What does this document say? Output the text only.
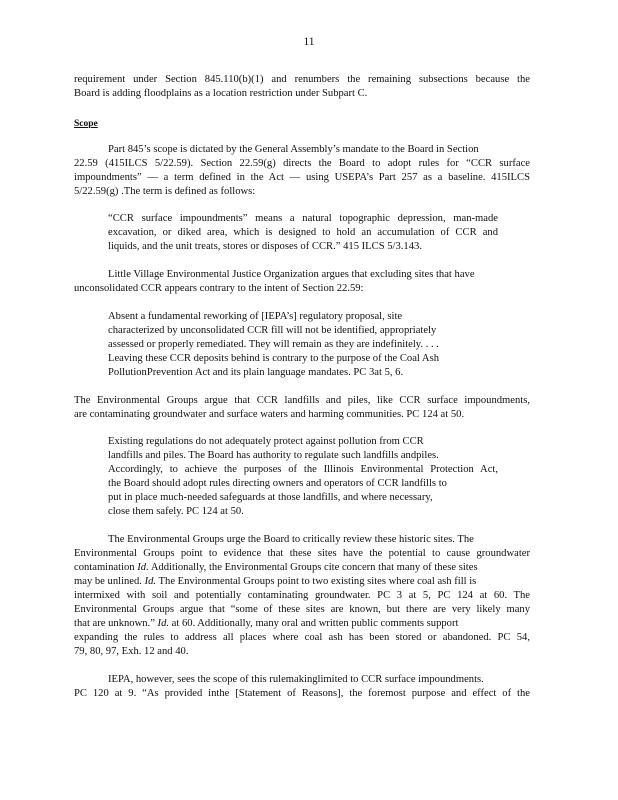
11
requirement under Section 845.110(b)(1) and renumbers the remaining subsections because the
Board is adding floodplains as a location restriction under Subpart C.
Scope
Part 845’s scope is dictated by the General Assembly’s mandate to the Board in Section
22.59 (415ILCS 5/22.59). Section 22.59(g) directs the Board to adopt rules for “CCR surface
impoundments” — a term defined in the Act — using USEPA’s Part 257 as a baseline. 415ILCS
5/22.59(g) .The term is defined as follows:
“CCR surface impoundments” means a natural topographic depression, man-made
excavation, or diked area, which is designed to hold an accumulation of CCR and
liquids, and the unit treats, stores or disposes of CCR.” 415 ILCS 5/3.143.
Little Village Environmental Justice Organization argues that excluding sites that have
unconsolidated CCR appears contrary to the intent of Section 22.59:
Absent a fundamental reworking of [IEPA’s] regulatory proposal, site
characterized by unconsolidated CCR fill will not be identified, appropriately
assessed or properly remediated. They will remain as they are indefinitely. . . .
Leaving these CCR deposits behind is contrary to the purpose of the Coal Ash
PollutionPrevention Act and its plain language mandates. PC 3at 5, 6.
The Environmental Groups argue that CCR landfills and piles, like CCR surface impoundments,
are contaminating groundwater and surface waters and harming communities. PC 124 at 50.
Existing regulations do not adequately protect against pollution from CCR
landfills and piles. The Board has authority to regulate such landfills andpiles.
Accordingly, to achieve the purposes of the Illinois Environmental Protection Act,
the Board should adopt rules directing owners and operators of CCR landfills to
put in place much-needed safeguards at those landfills, and where necessary,
close them safely. PC 124 at 50.
The Environmental Groups urge the Board to critically review these historic sites. The
Environmental Groups point to evidence that these sites have the potential to cause groundwater
contamination Id. Additionally, the Environmental Groups cite concern that many of these sites
may be unlined. Id. The Environmental Groups point to two existing sites where coal ash fill is
intermixed with soil and potentially contaminating groundwater. PC 3 at 5, PC 124 at 60. The
Environmental Groups argue that “some of these sites are known, but there are very likely many
that are unknown.” Id. at 60. Additionally, many oral and written public comments support
expanding the rules to address all places where coal ash has been stored or abandoned. PC 54,
79, 80, 97, Exh. 12 and 40.
IEPA, however, sees the scope of this rulemakinglimited to CCR surface impoundments.
PC 120 at 9. “As provided inthe [Statement of Reasons], the foremost purpose and effect of the
